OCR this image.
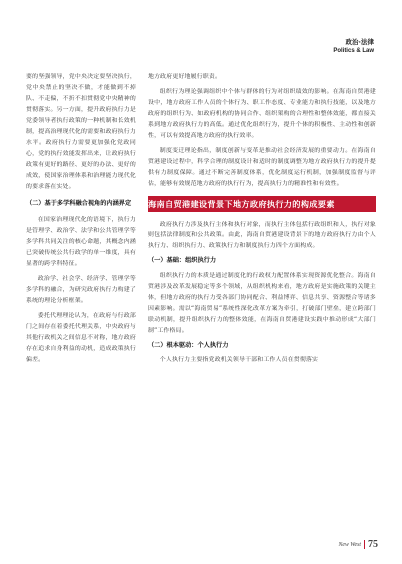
政治·法律
Politics & Law

要的坚强领导，党中央决定要坚决执行，党中央禁止的坚决不做，才能做到不掉队、不走偏，不折不扣贯彻党中央精神的贯彻落实。另一方面，提升政府执行力是党委领导者执行政策的一种机制和长效机制，提高治理现代化的需要和政府执行力水平。政府执行力需要更加强化党政同心，党的执行效能发挥出来，让政府执行政策有更好的路径、更好的办法、更好的成效，使国家治理体系和治理能力现代化的要求落在实处。

（二）基于多学科融合视角的内涵界定

在国家治理现代化的语境下，执行力是管理学、政治学、法学和公共管理学等多学科共同关注的核心命题，其概念内涵已突破传统公共行政学的单一维度，具有显著的跨学科特征。

政治学、社会学、经济学、管理学等多学科的融合，为研究政府执行力构建了系统的理论分析框架。

委托代理理论认为，在政府与行政部门之间存在着委托代理关系，中央政府与其他行政机关之间信息不对称，地方政府存在追求自身利益的动机，造成政策执行偏差。

地方政府更好地履行职责。

组织行为理论强调组织中个体与群体的行为对组织绩效的影响。在海南自贸港建设中，地方政府工作人员的个体行为、职工作态度、专业能力和执行技能，以及地方政府的组织行为、如政府机构的协同合作、组织架构的合理性和整体效能，都直接关系到地方政府执行力的高低。通过优化组织行为，提升个体的积极性、主动性和创新性，可以有效提高地方政府的执行效率。

制度变迁理论指出，制度创新与变革是推动社会经济发展的重要动力。在海南自贸港建设过程中，科学合理的制度设计和适时的制度调整为地方政府执行力的提升提供有力制度保障。通过不断完善制度体系，优化制度运行机制，加强制度监督与评估，能够有效规范地方政府的执行行为，提高执行力的精准性和有效性。

海南自贸港建设背景下地方政府执行力的构成要素

政府执行力涉及执行主体和执行对象，而执行主体包括行政组织和人，执行对象则包括法律制度和公共政策。由此，海南自贸港建设背景下的地方政府执行力由个人执行力、组织执行力、政策执行力和制度执行力四个方面构成。

（一）基础：组织执行力

组织执行力的本质是通过制度化的行政权力配置体系实现资源优化整合。海南自贸港涉及改革发展稳定等多个领域，从组织机构来看，地方政府是实施政策的关键主体，但地方政府的执行力受各部门协同配合、利益博弈、信息共享、资源整合等诸多因素影响。需以“海南贸易”系统性深化改革方案为牵引，打破部门壁垒，建立跨部门联动机制，提升组织执行力的整体效能，在海南自贸港建设实践中推动形成“大部门制”工作格局。

（二）根本驱动：个人执行力

个人执行力主要指党政机关领导干部和工作人员在贯彻落实

New West 75
